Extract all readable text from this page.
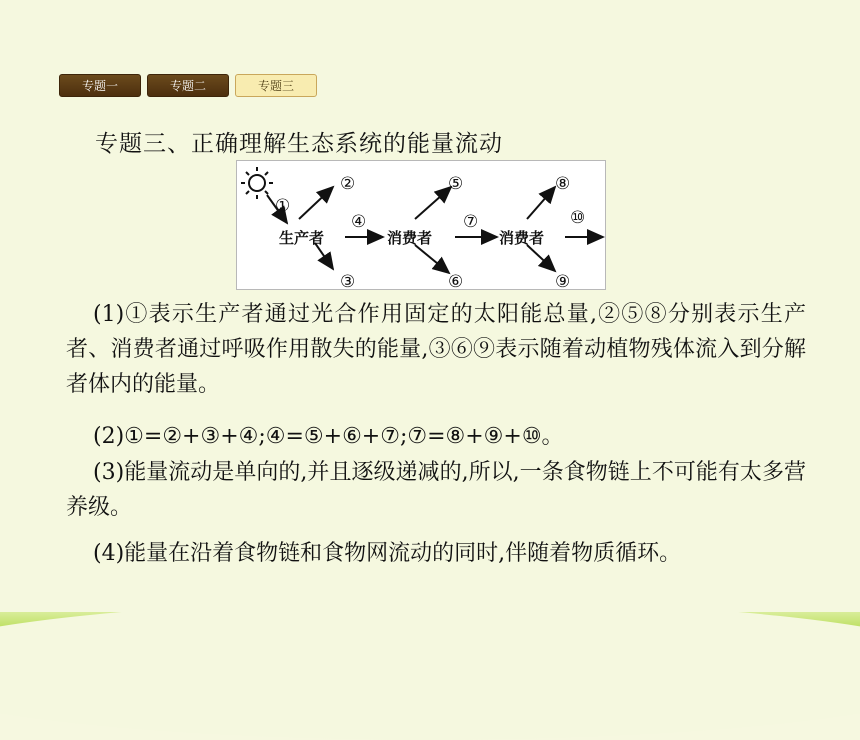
专题一	专题二	专题三
专题三、正确理解生态系统的能量流动
生产者	消费者	消费者
①
②
③
④
⑤
⑥
⑦
⑧
⑨
⑩
(1)①表示生产者通过光合作用固定的太阳能总量,②⑤⑧分别表示生产者、消费者通过呼吸作用散失的能量,③⑥⑨表示随着动植物残体流入到分解者体内的能量。
(2)①=②+③+④;④=⑤+⑥+⑦;⑦=⑧+⑨+⑩。
(3)能量流动是单向的,并且逐级递减的,所以,一条食物链上不可能有太多营养级。
(4)能量在沿着食物链和食物网流动的同时,伴随着物质循环。
